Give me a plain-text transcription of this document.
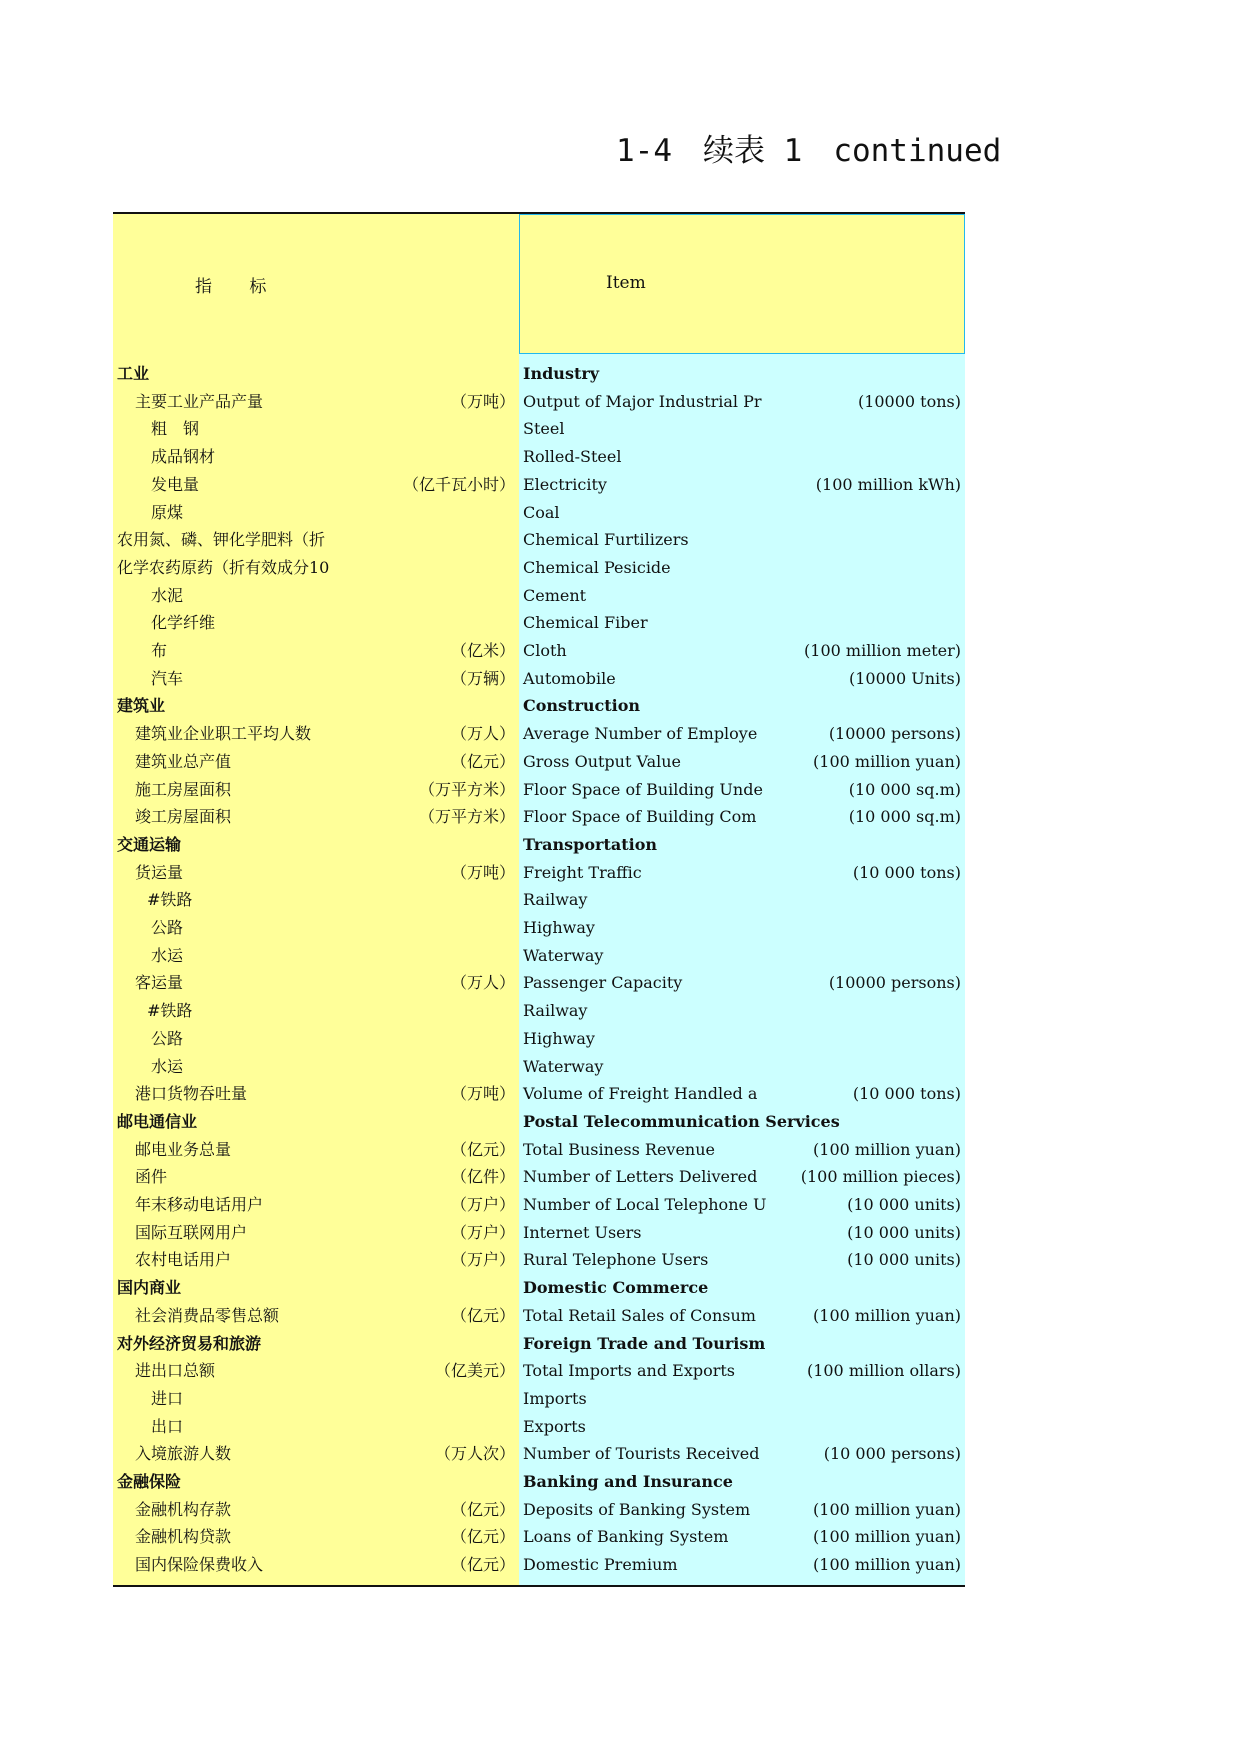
1-4　续表 1　continued
指 标	Item
工业	Industry
主要工业产品产量	（万吨） Output of Major Industrial Pr	(10000 tons)
粗　钢	Steel
成品钢材	Rolled-Steel
发电量	（亿千瓦小时） Electricity	(100 million kWh)
原煤	Coal
农用氮、磷、钾化学肥料（折	Chemical Furtilizers
化学农药原药（折有效成分10	Chemical Pesicide
水泥	Cement
化学纤维	Chemical Fiber
布	（亿米） Cloth	(100 million meter)
汽车	（万辆） Automobile	(10000 Units)
建筑业	Construction
建筑业企业职工平均人数	（万人） Average Number of Employe	(10000 persons)
建筑业总产值	（亿元） Gross Output Value	(100 million yuan)
施工房屋面积	（万平方米） Floor Space of Building Unde	(10 000 sq.m)
竣工房屋面积	（万平方米） Floor Space of Building Com	(10 000 sq.m)
交通运输	Transportation
货运量	（万吨） Freight Traffic	(10 000 tons)
#铁路	Railway
公路	Highway
水运	Waterway
客运量	（万人） Passenger Capacity	(10000 persons)
#铁路	Railway
公路	Highway
水运	Waterway
港口货物吞吐量	（万吨） Volume of Freight Handled a	(10 000 tons)
邮电通信业	Postal Telecommunication Services
邮电业务总量	（亿元） Total Business Revenue	(100 million yuan)
函件	（亿件） Number of Letters Delivered	(100 million pieces)
年末移动电话用户	（万户） Number of Local Telephone U	(10 000 units)
国际互联网用户	（万户） Internet Users	(10 000 units)
农村电话用户	（万户） Rural Telephone Users	(10 000 units)
国内商业	Domestic Commerce
社会消费品零售总额	（亿元） Total Retail Sales of Consum	(100 million yuan)
对外经济贸易和旅游	Foreign Trade and Tourism
进出口总额	（亿美元） Total Imports and Exports	(100 million ollars)
进口	Imports
出口	Exports
入境旅游人数	（万人次） Number of Tourists Received	(10 000 persons)
金融保险	Banking and Insurance
金融机构存款	（亿元） Deposits of Banking System	(100 million yuan)
金融机构贷款	（亿元） Loans of Banking System	(100 million yuan)
国内保险保费收入	（亿元） Domestic Premium	(100 million yuan)
